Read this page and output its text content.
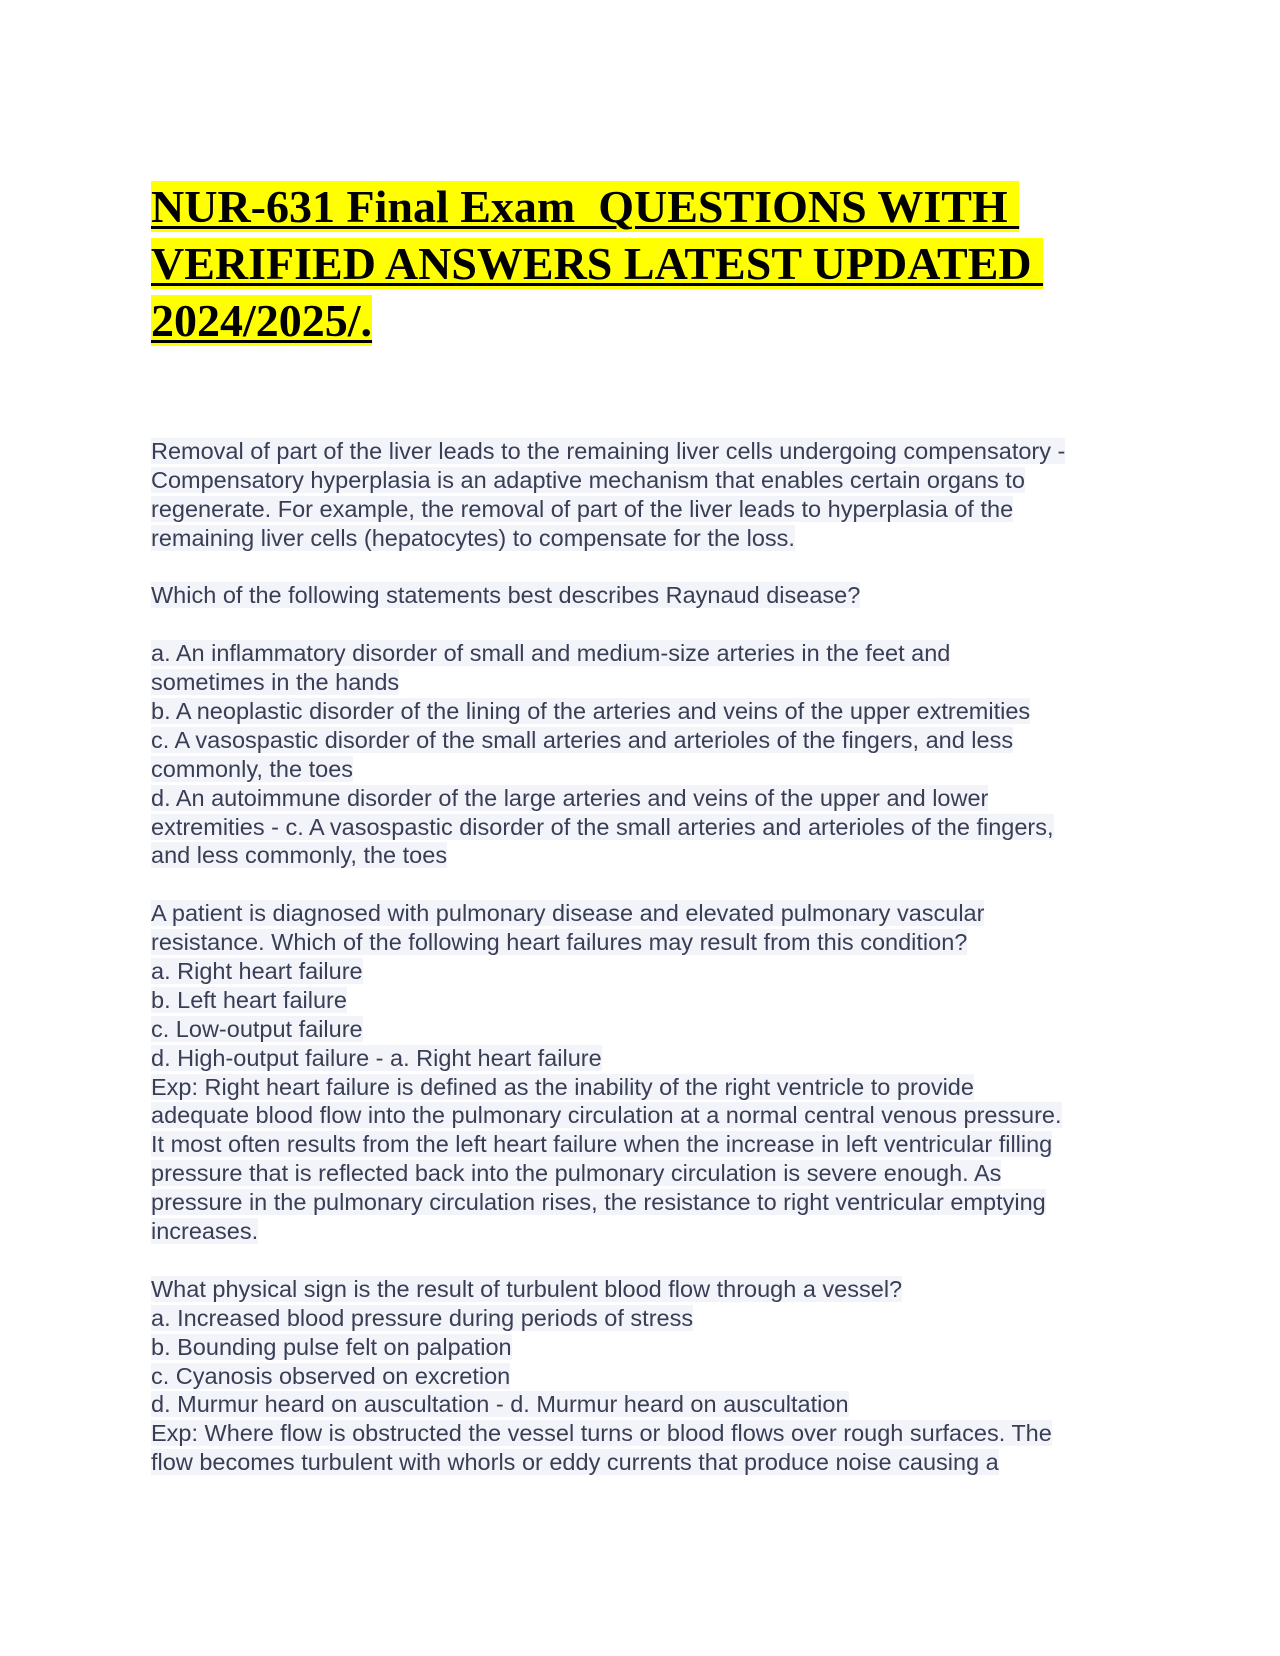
NUR-631 Final Exam  QUESTIONS WITH
VERIFIED ANSWERS LATEST UPDATED
2024/2025/.
Removal of part of the liver leads to the remaining liver cells undergoing compensatory -
Compensatory hyperplasia is an adaptive mechanism that enables certain organs to
regenerate. For example, the removal of part of the liver leads to hyperplasia of the
remaining liver cells (hepatocytes) to compensate for the loss.
Which of the following statements best describes Raynaud disease?
a. An inflammatory disorder of small and medium-size arteries in the feet and
sometimes in the hands
b. A neoplastic disorder of the lining of the arteries and veins of the upper extremities
c. A vasospastic disorder of the small arteries and arterioles of the fingers, and less
commonly, the toes
d. An autoimmune disorder of the large arteries and veins of the upper and lower
extremities - c. A vasospastic disorder of the small arteries and arterioles of the fingers,
and less commonly, the toes
A patient is diagnosed with pulmonary disease and elevated pulmonary vascular
resistance. Which of the following heart failures may result from this condition?
a. Right heart failure
b. Left heart failure
c. Low-output failure
d. High-output failure - a. Right heart failure
Exp: Right heart failure is defined as the inability of the right ventricle to provide
adequate blood flow into the pulmonary circulation at a normal central venous pressure.
It most often results from the left heart failure when the increase in left ventricular filling
pressure that is reflected back into the pulmonary circulation is severe enough. As
pressure in the pulmonary circulation rises, the resistance to right ventricular emptying
increases.
What physical sign is the result of turbulent blood flow through a vessel?
a. Increased blood pressure during periods of stress
b. Bounding pulse felt on palpation
c. Cyanosis observed on excretion
d. Murmur heard on auscultation - d. Murmur heard on auscultation
Exp: Where flow is obstructed the vessel turns or blood flows over rough surfaces. The
flow becomes turbulent with whorls or eddy currents that produce noise causing a
